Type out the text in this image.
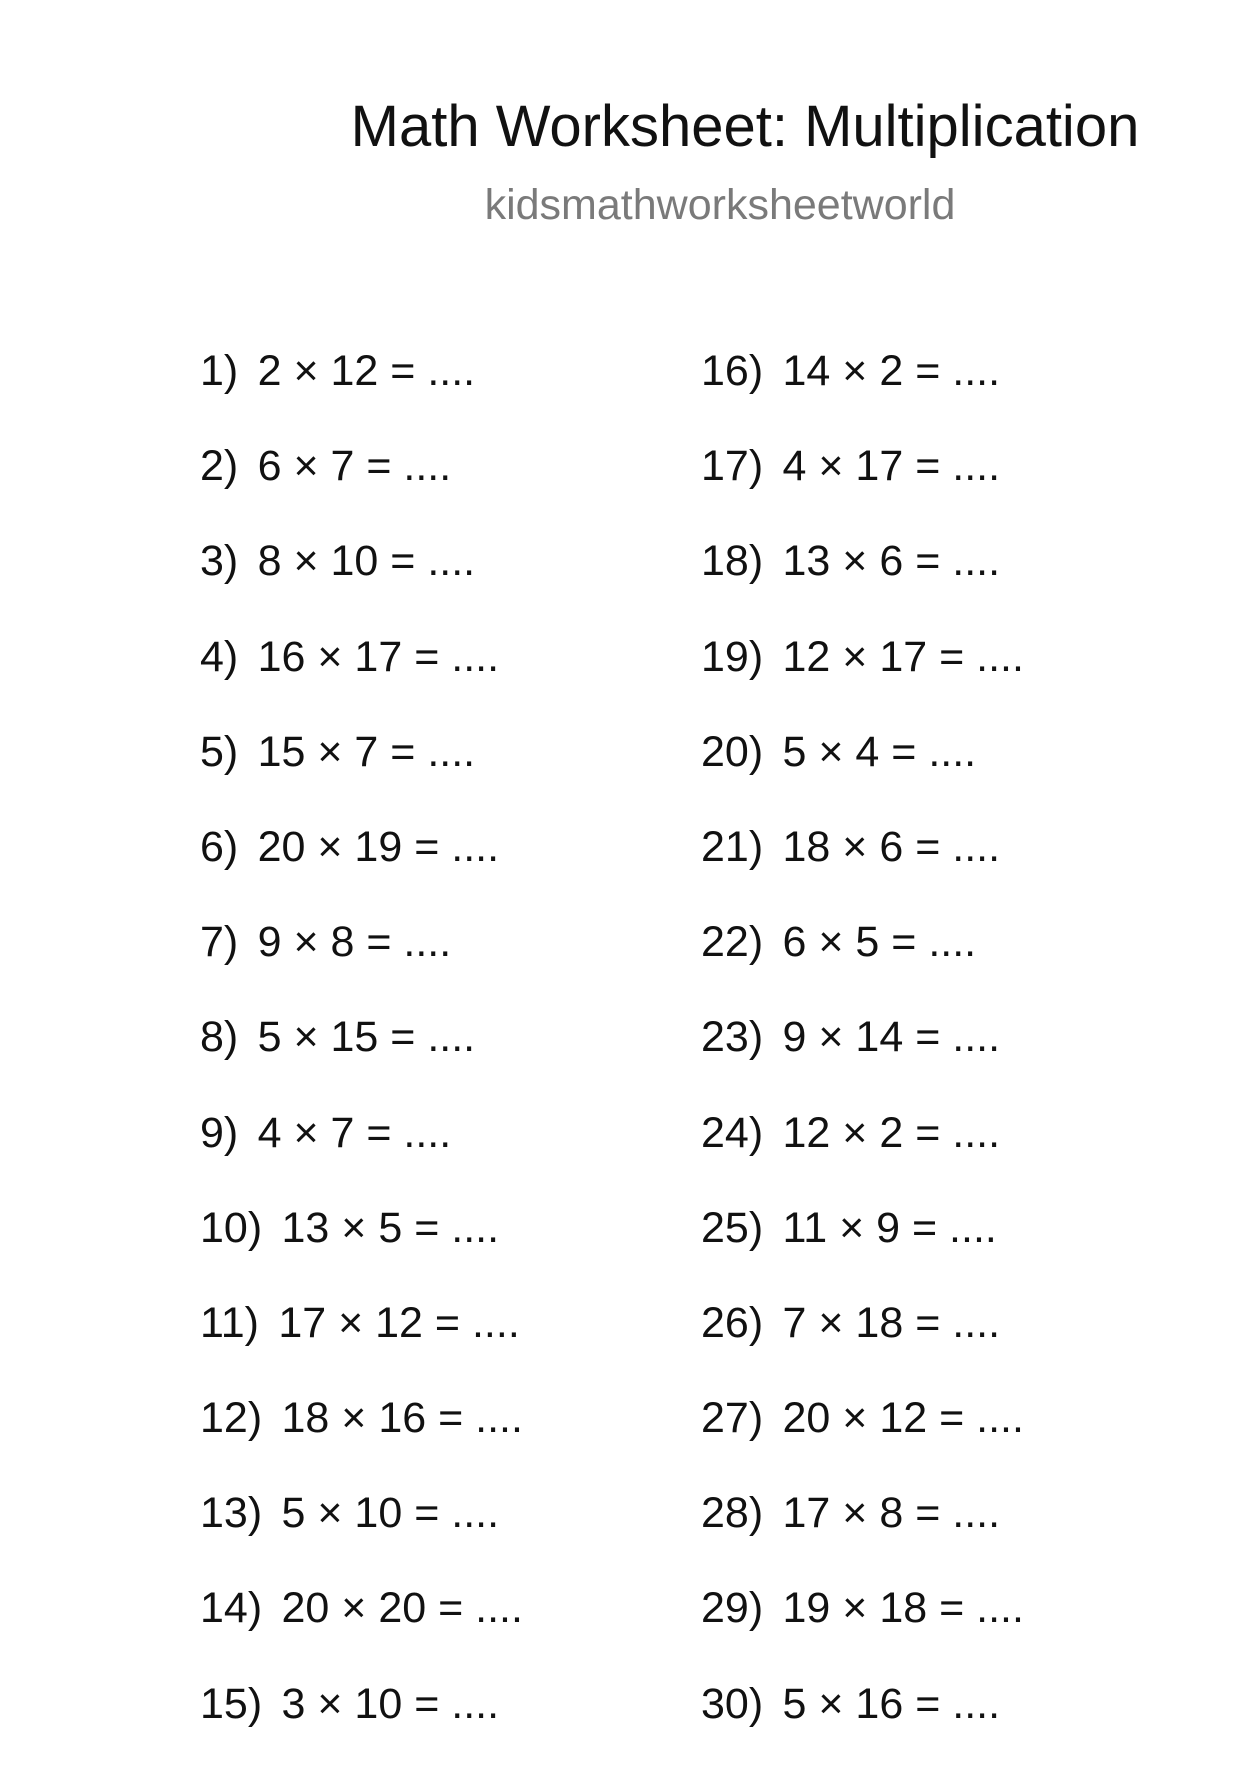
Math Worksheet: Multiplication
kidsmathworksheetworld
1) 2 × 12 = ....
2) 6 × 7 = ....
3) 8 × 10 = ....
4) 16 × 17 = ....
5) 15 × 7 = ....
6) 20 × 19 = ....
7) 9 × 8 = ....
8) 5 × 15 = ....
9) 4 × 7 = ....
10) 13 × 5 = ....
11) 17 × 12 = ....
12) 18 × 16 = ....
13) 5 × 10 = ....
14) 20 × 20 = ....
15) 3 × 10 = ....
16) 14 × 2 = ....
17) 4 × 17 = ....
18) 13 × 6 = ....
19) 12 × 17 = ....
20) 5 × 4 = ....
21) 18 × 6 = ....
22) 6 × 5 = ....
23) 9 × 14 = ....
24) 12 × 2 = ....
25) 11 × 9 = ....
26) 7 × 18 = ....
27) 20 × 12 = ....
28) 17 × 8 = ....
29) 19 × 18 = ....
30) 5 × 16 = ....
